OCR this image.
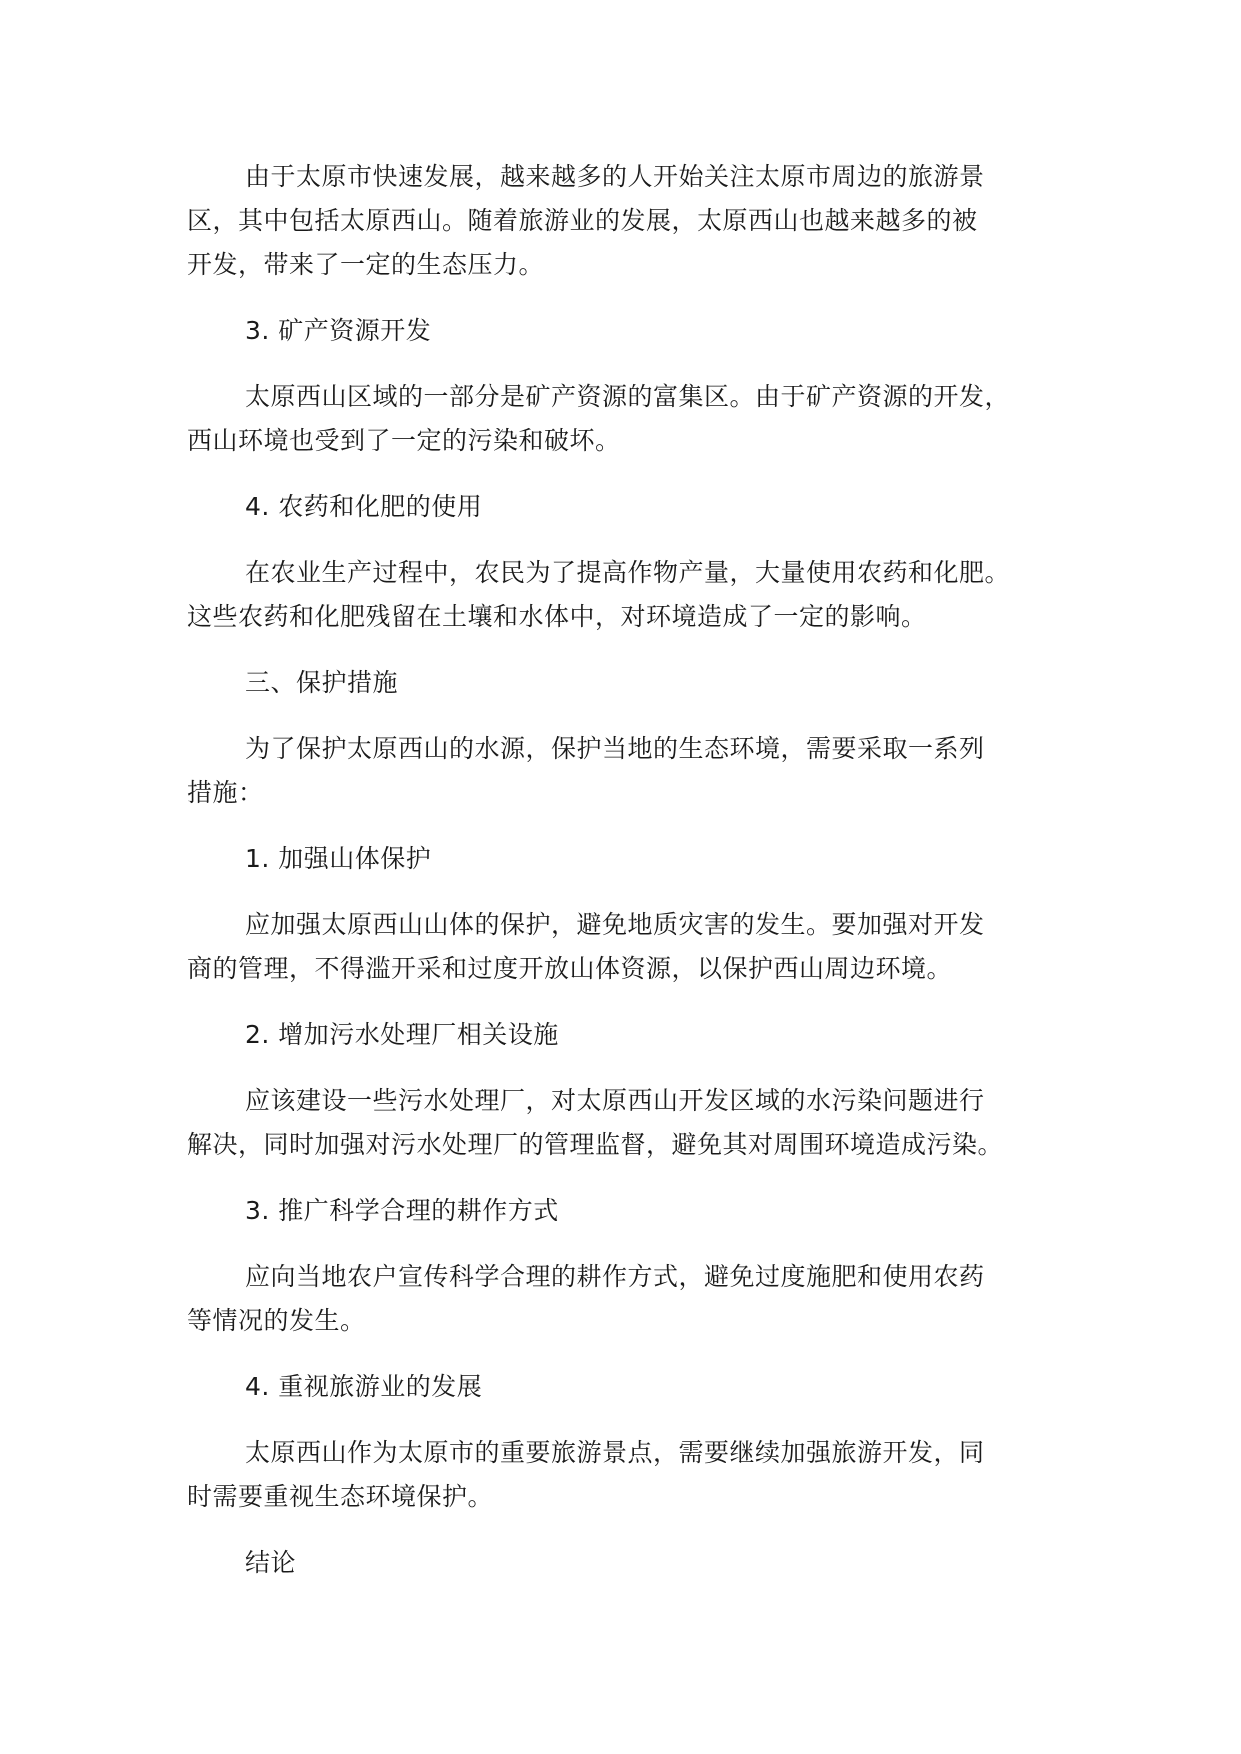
由于太原市快速发展，越来越多的人开始关注太原市周边的旅游景
区，其中包括太原西山。随着旅游业的发展，太原西山也越来越多的被
开发，带来了一定的生态压力。

3. 矿产资源开发

太原西山区域的一部分是矿产资源的富集区。由于矿产资源的开发，
西山环境也受到了一定的污染和破坏。

4. 农药和化肥的使用

在农业生产过程中，农民为了提高作物产量，大量使用农药和化肥。
这些农药和化肥残留在土壤和水体中，对环境造成了一定的影响。

三、保护措施

为了保护太原西山的水源，保护当地的生态环境，需要采取一系列
措施：

1. 加强山体保护

应加强太原西山山体的保护，避免地质灾害的发生。要加强对开发
商的管理，不得滥开采和过度开放山体资源，以保护西山周边环境。

2. 增加污水处理厂相关设施

应该建设一些污水处理厂，对太原西山开发区域的水污染问题进行
解决，同时加强对污水处理厂的管理监督，避免其对周围环境造成污染。

3. 推广科学合理的耕作方式

应向当地农户宣传科学合理的耕作方式，避免过度施肥和使用农药
等情况的发生。

4. 重视旅游业的发展

太原西山作为太原市的重要旅游景点，需要继续加强旅游开发，同
时需要重视生态环境保护。

结论
